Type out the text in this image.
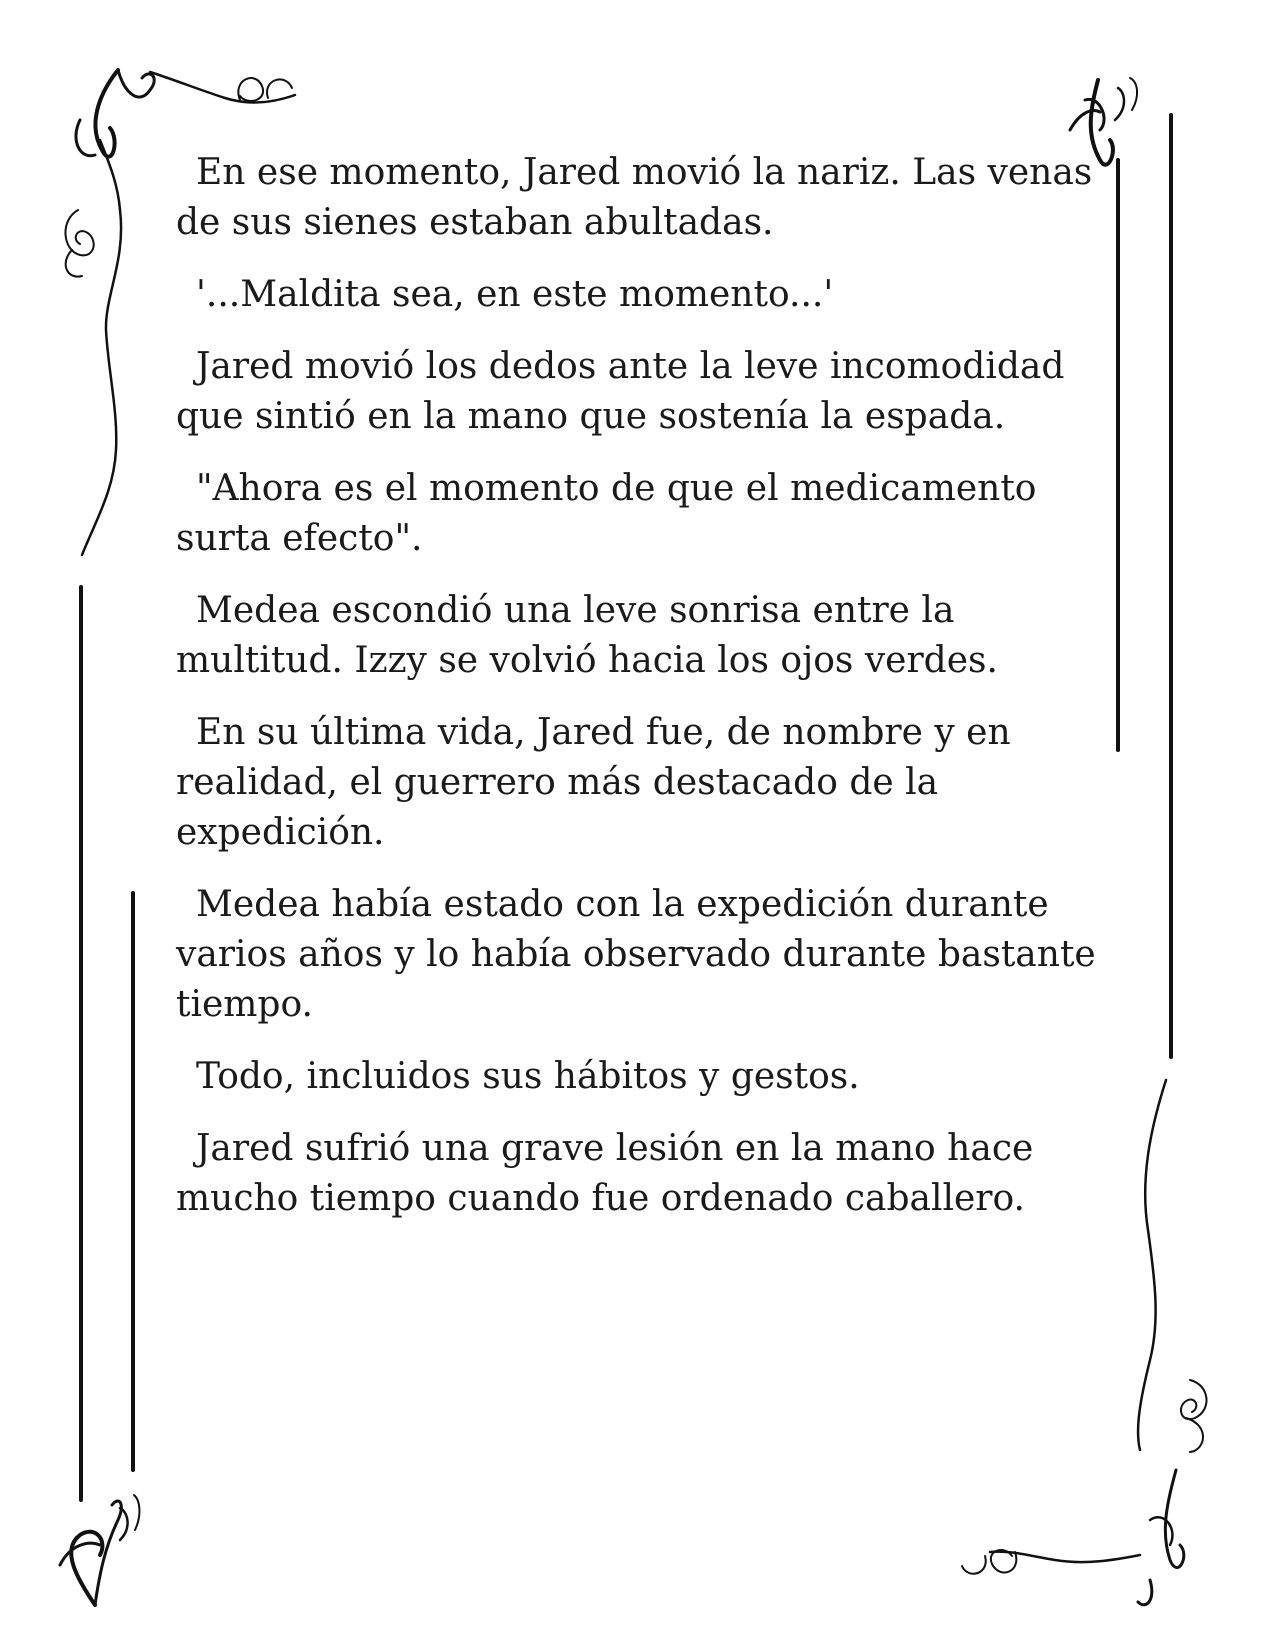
En ese momento, Jared movió la nariz. Las venas de sus sienes estaban abultadas.

'...Maldita sea, en este momento...'

Jared movió los dedos ante la leve incomodidad que sintió en la mano que sostenía la espada.

"Ahora es el momento de que el medicamento surta efecto".

Medea escondió una leve sonrisa entre la multitud. Izzy se volvió hacia los ojos verdes.

En su última vida, Jared fue, de nombre y en realidad, el guerrero más destacado de la expedición.

Medea había estado con la expedición durante varios años y lo había observado durante bastante tiempo.

Todo, incluidos sus hábitos y gestos.

Jared sufrió una grave lesión en la mano hace mucho tiempo cuando fue ordenado caballero.
